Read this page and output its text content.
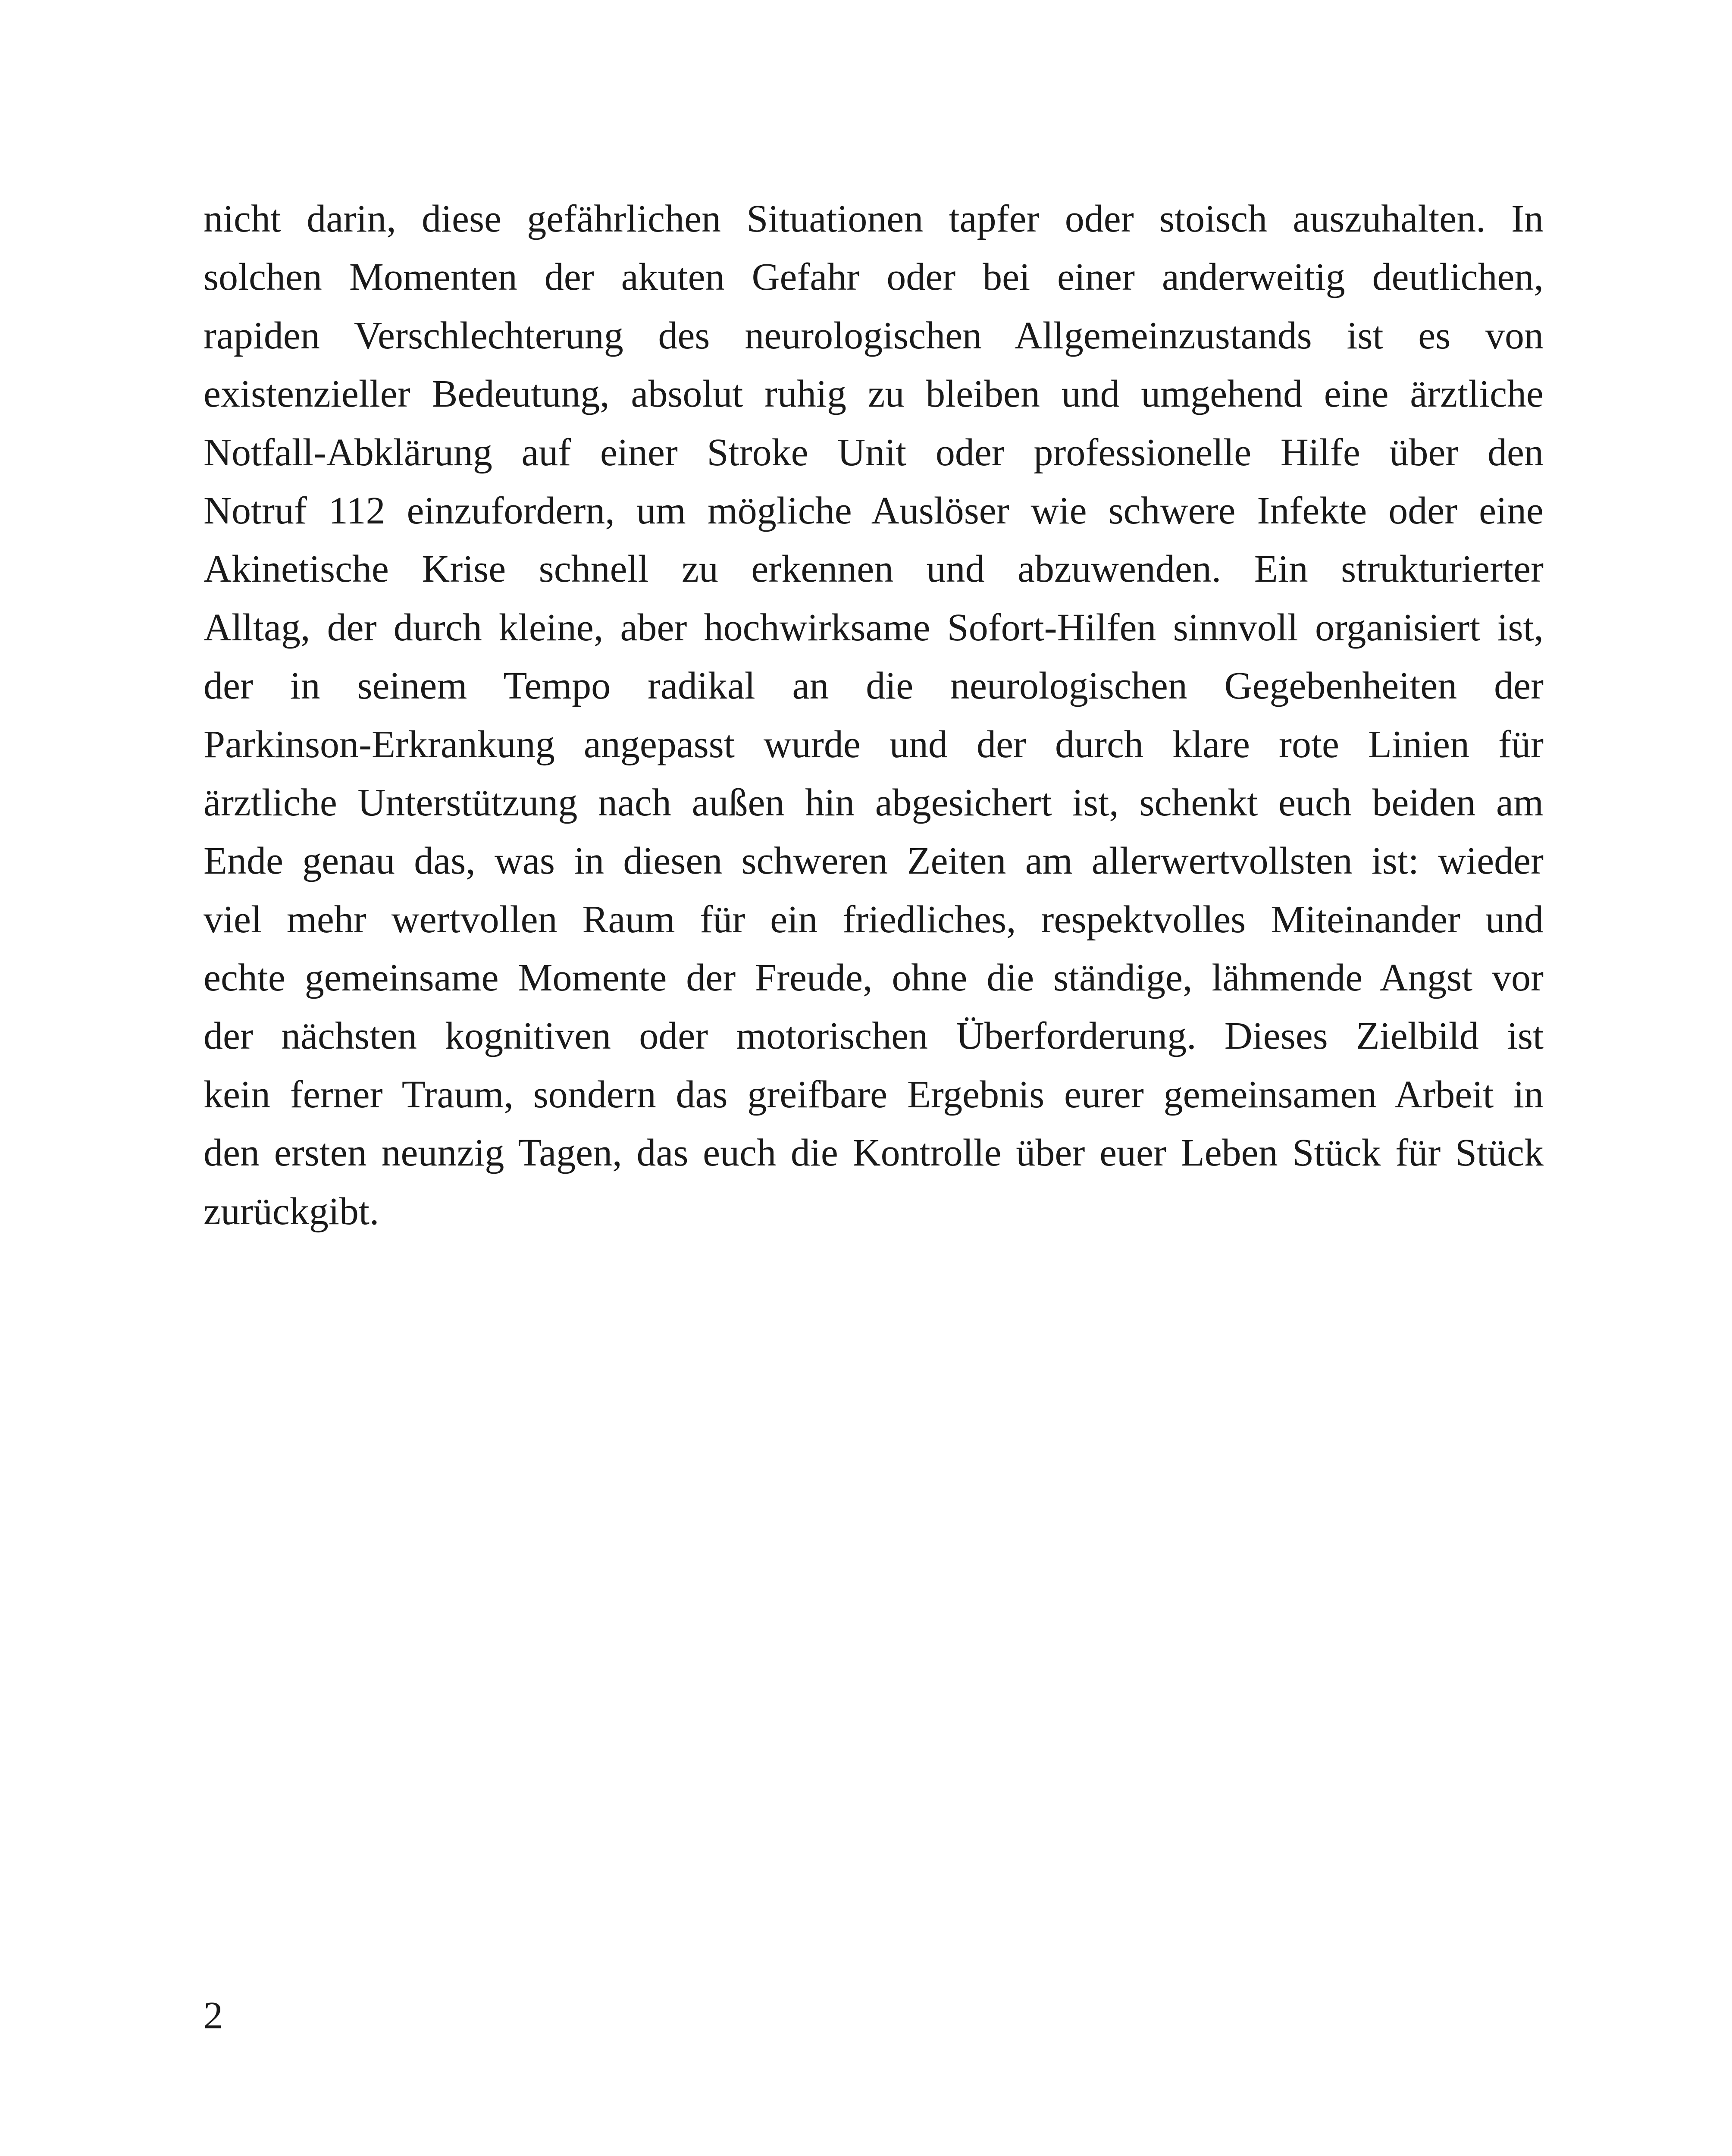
nicht darin, diese gefährlichen Situationen tapfer oder stoisch auszuhalten. In
solchen Momenten der akuten Gefahr oder bei einer anderweitig deutlichen,
rapiden Verschlechterung des neurologischen Allgemeinzustands ist es von
existenzieller Bedeutung, absolut ruhig zu bleiben und umgehend eine ärztliche
Notfall-Abklärung auf einer Stroke Unit oder professionelle Hilfe über den
Notruf 112 einzufordern, um mögliche Auslöser wie schwere Infekte oder eine
Akinetische Krise schnell zu erkennen und abzuwenden. Ein strukturierter
Alltag, der durch kleine, aber hochwirksame Sofort-Hilfen sinnvoll organisiert ist,
der in seinem Tempo radikal an die neurologischen Gegebenheiten der
Parkinson-Erkrankung angepasst wurde und der durch klare rote Linien für
ärztliche Unterstützung nach außen hin abgesichert ist, schenkt euch beiden am
Ende genau das, was in diesen schweren Zeiten am allerwertvollsten ist: wieder
viel mehr wertvollen Raum für ein friedliches, respektvolles Miteinander und
echte gemeinsame Momente der Freude, ohne die ständige, lähmende Angst vor
der nächsten kognitiven oder motorischen Überforderung. Dieses Zielbild ist
kein ferner Traum, sondern das greifbare Ergebnis eurer gemeinsamen Arbeit in
den ersten neunzig Tagen, das euch die Kontrolle über euer Leben Stück für Stück
zurückgibt.
2
